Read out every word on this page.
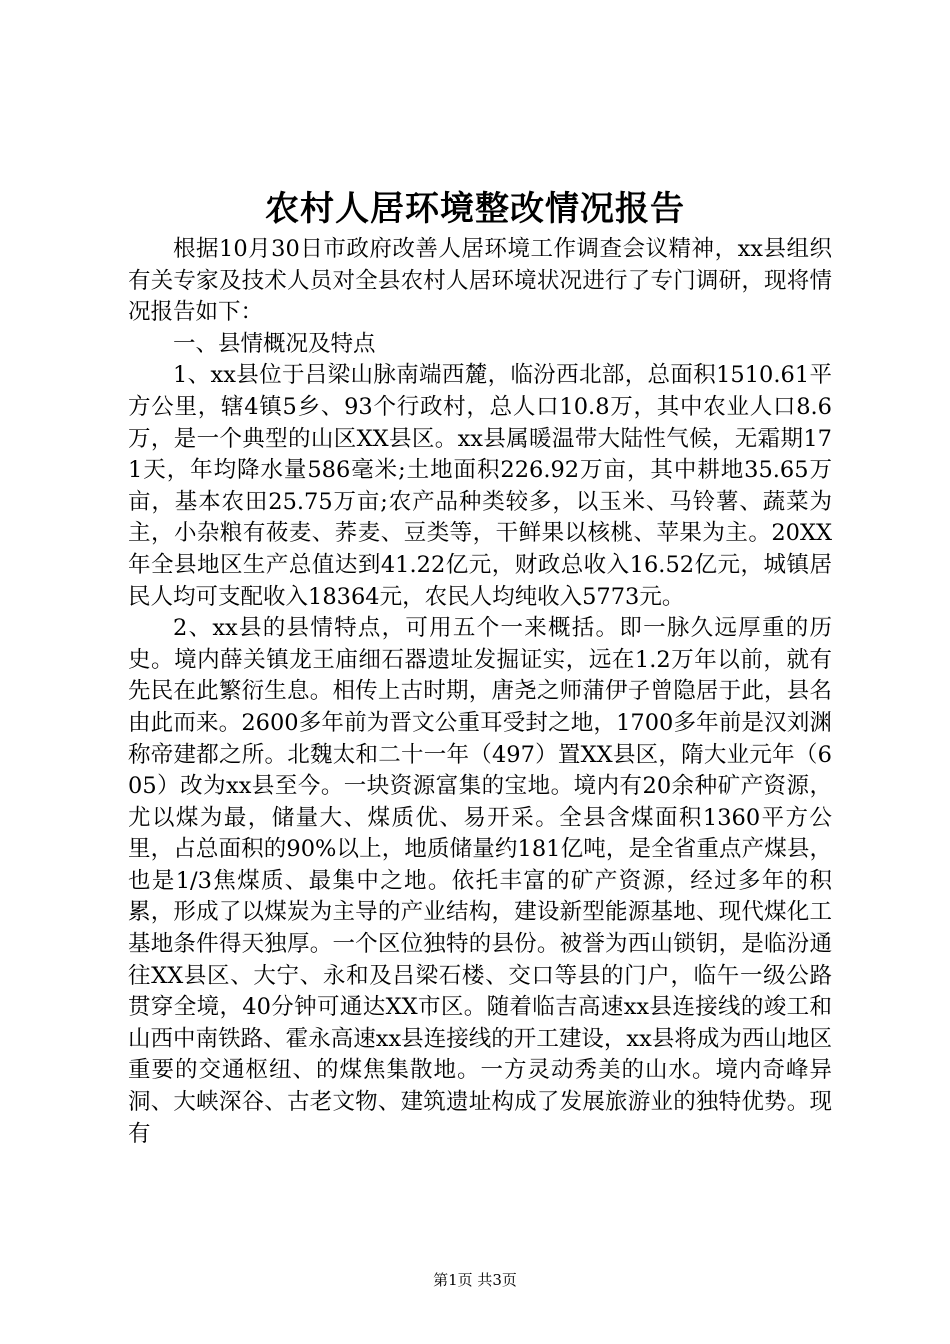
农村人居环境整改情况报告

根据10月30日市政府改善人居环境工作调查会议精神，xx县组织有关专家及技术人员对全县农村人居环境状况进行了专门调研，现将情况报告如下：

一、县情概况及特点

1、xx县位于吕梁山脉南端西麓，临汾西北部，总面积1510.61平方公里，辖4镇5乡、93个行政村，总人口10.8万，其中农业人口8.6万，是一个典型的山区XX县区。xx县属暖温带大陆性气候，无霜期171天，年均降水量586毫米;土地面积226.92万亩，其中耕地35.65万亩，基本农田25.75万亩;农产品种类较多，以玉米、马铃薯、蔬菜为主，小杂粮有莜麦、荞麦、豆类等，干鲜果以核桃、苹果为主。20XX年全县地区生产总值达到41.22亿元，财政总收入16.52亿元，城镇居民人均可支配收入18364元，农民人均纯收入5773元。

2、xx县的县情特点，可用五个一来概括。即一脉久远厚重的历史。境内薛关镇龙王庙细石器遗址发掘证实，远在1.2万年以前，就有先民在此繁衍生息。相传上古时期，唐尧之师蒲伊子曾隐居于此，县名由此而来。2600多年前为晋文公重耳受封之地，1700多年前是汉刘渊称帝建都之所。北魏太和二十一年（497）置XX县区，隋大业元年（605）改为xx县至今。一块资源富集的宝地。境内有20余种矿产资源，尤以煤为最，储量大、煤质优、易开采。全县含煤面积1360平方公里，占总面积的90%以上，地质储量约181亿吨，是全省重点产煤县，也是1/3焦煤质、最集中之地。依托丰富的矿产资源，经过多年的积累，形成了以煤炭为主导的产业结构，建设新型能源基地、现代煤化工基地条件得天独厚。一个区位独特的县份。被誉为西山锁钥，是临汾通往XX县区、大宁、永和及吕梁石楼、交口等县的门户，临午一级公路贯穿全境，40分钟可通达XX市区。随着临吉高速xx县连接线的竣工和山西中南铁路、霍永高速xx县连接线的开工建设，xx县将成为西山地区重要的交通枢纽、的煤焦集散地。一方灵动秀美的山水。境内奇峰异洞、大峡深谷、古老文物、建筑遗址构成了发展旅游业的独特优势。现有

第1页 共3页
